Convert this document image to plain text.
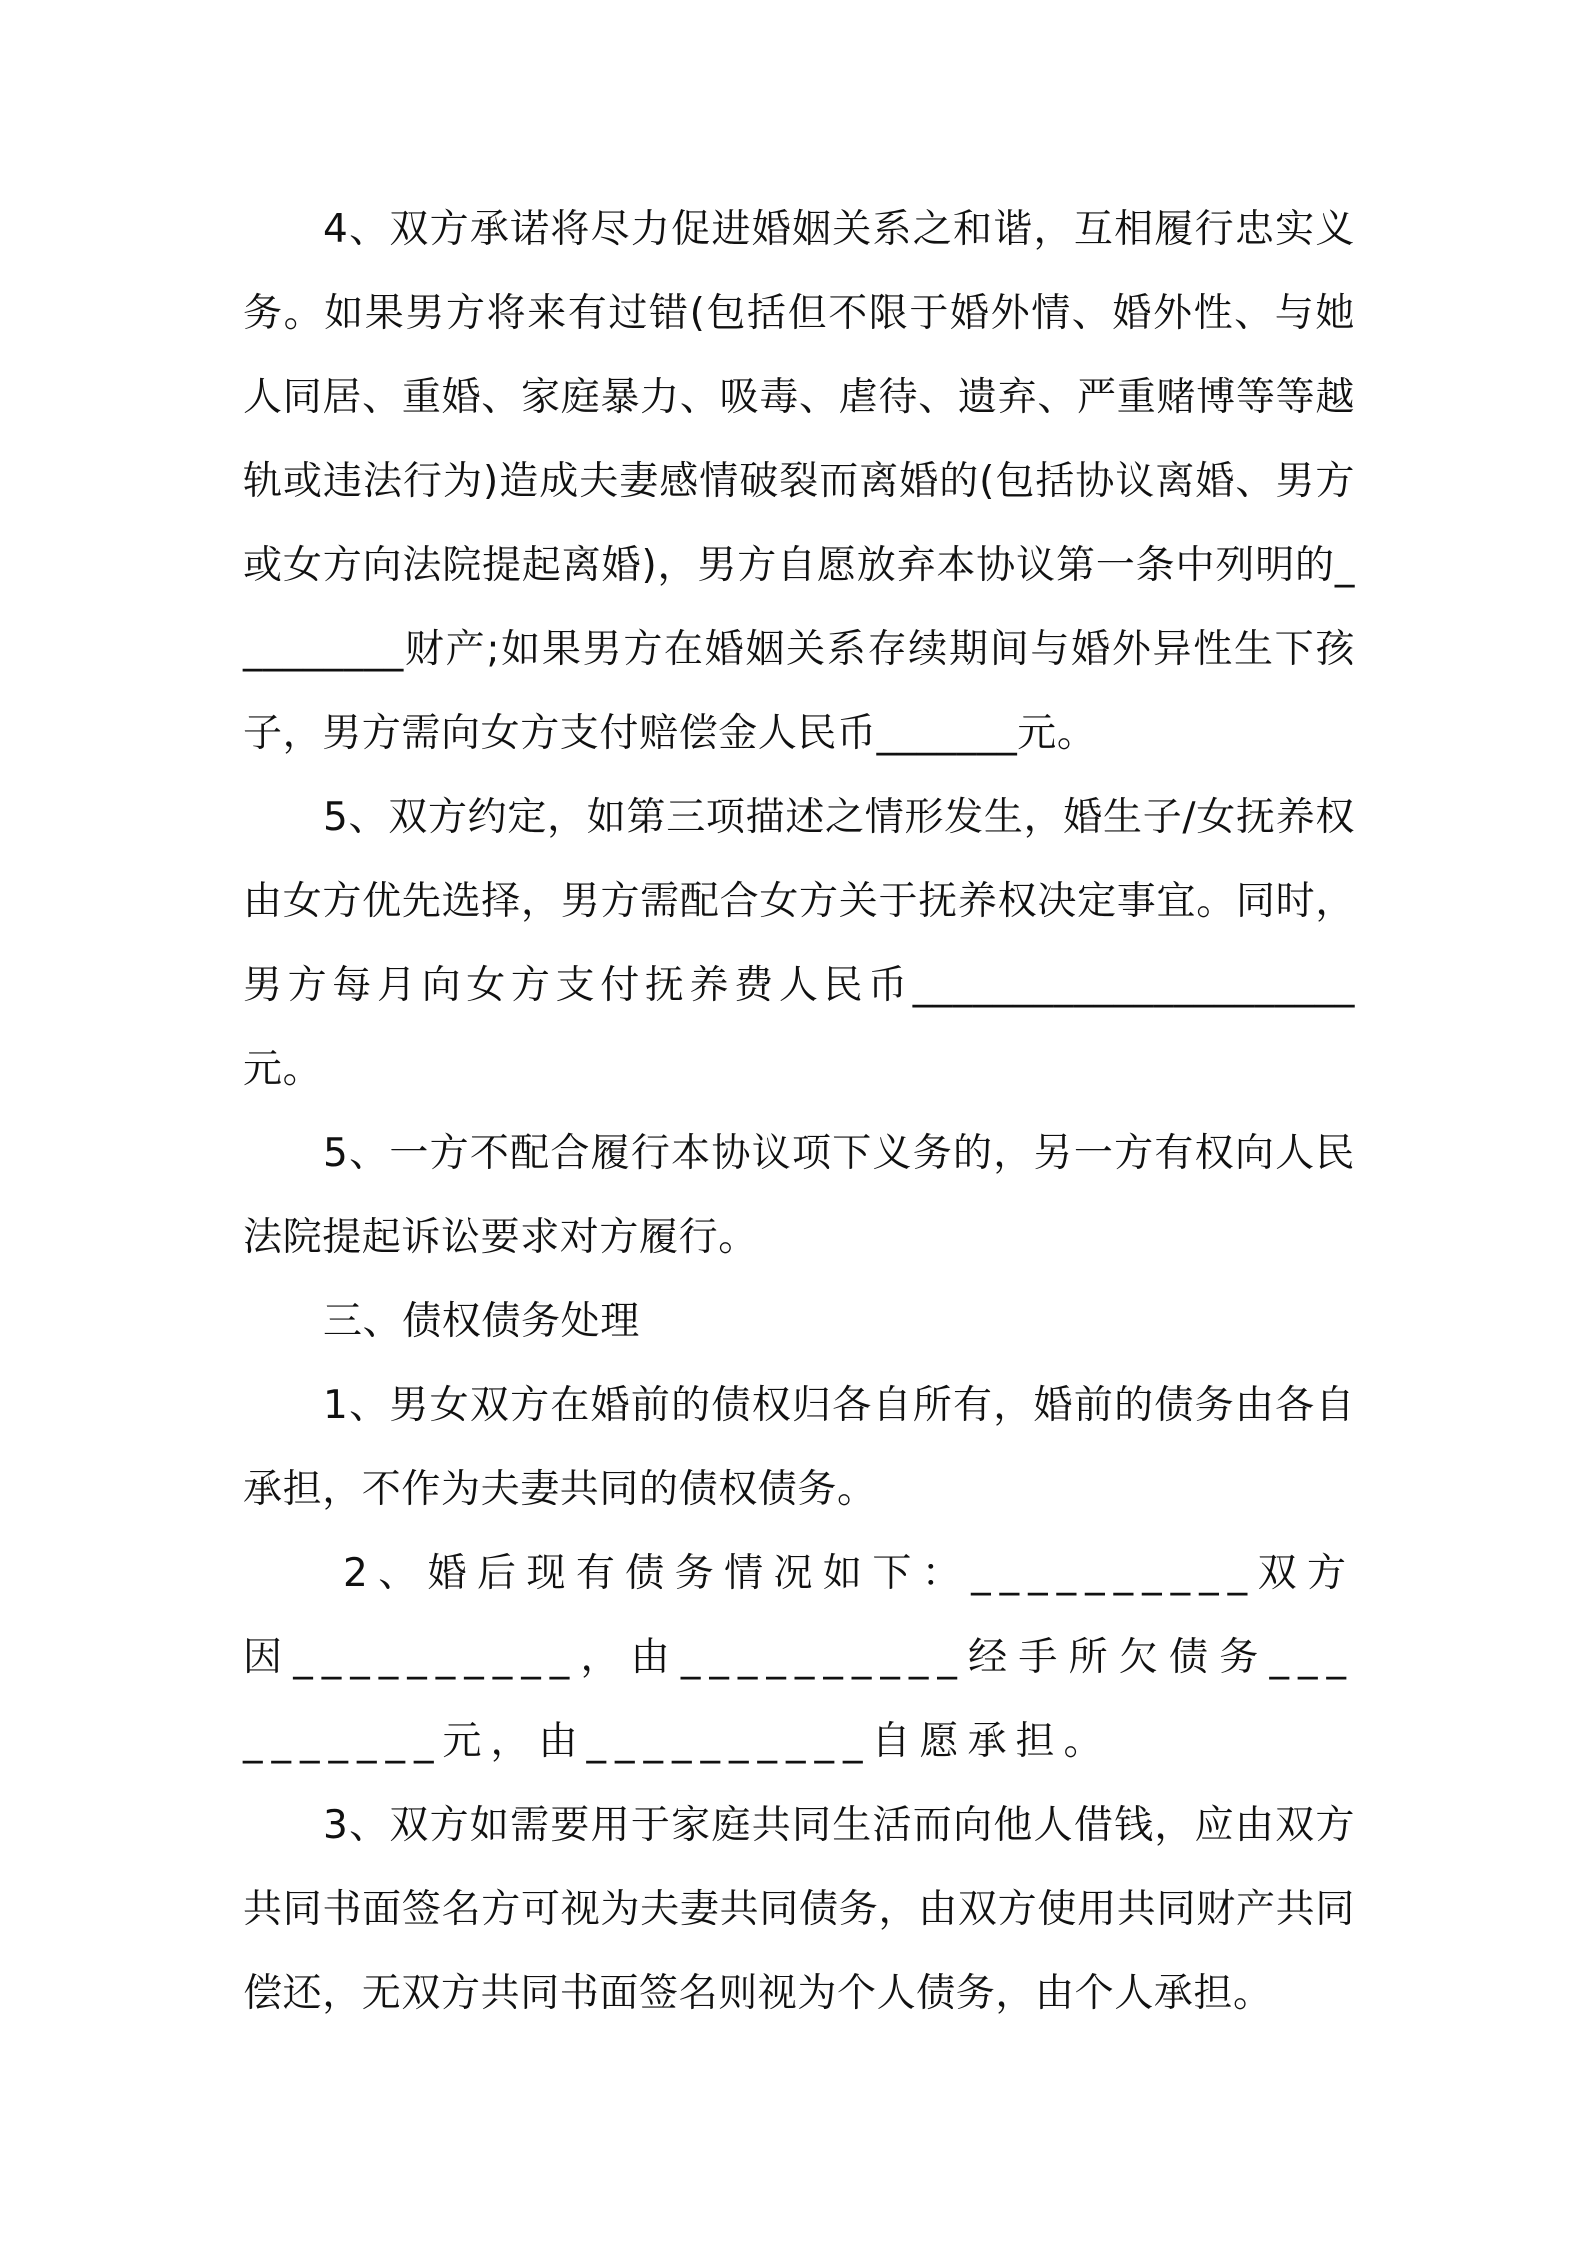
4、双方承诺将尽力促进婚姻关系之和谐，互相履行忠实义务。如果男方将来有过错(包括但不限于婚外情、婚外性、与她人同居、重婚、家庭暴力、吸毒、虐待、遗弃、严重赌博等等越轨或违法行为)造成夫妻感情破裂而离婚的(包括协议离婚、男方或女方向法院提起离婚)，男方自愿放弃本协议第一条中列明的_________财产;如果男方在婚姻关系存续期间与婚外异性生下孩子，男方需向女方支付赔偿金人民币_______元。

5、双方约定，如第三项描述之情形发生，婚生子/女抚养权由女方优先选择，男方需配合女方关于抚养权决定事宜。同时，男方每月向女方支付抚养费人民币______________________元。

5、一方不配合履行本协议项下义务的，另一方有权向人民法院提起诉讼要求对方履行。

三、债权债务处理

1、男女双方在婚前的债权归各自所有，婚前的债务由各自承担，不作为夫妻共同的债权债务。

2、婚后现有债务情况如下：__________双方因__________，由__________经手所欠债务__________元，由__________自愿承担。

3、双方如需要用于家庭共同生活而向他人借钱，应由双方共同书面签名方可视为夫妻共同债务，由双方使用共同财产共同偿还，无双方共同书面签名则视为个人债务，由个人承担。
